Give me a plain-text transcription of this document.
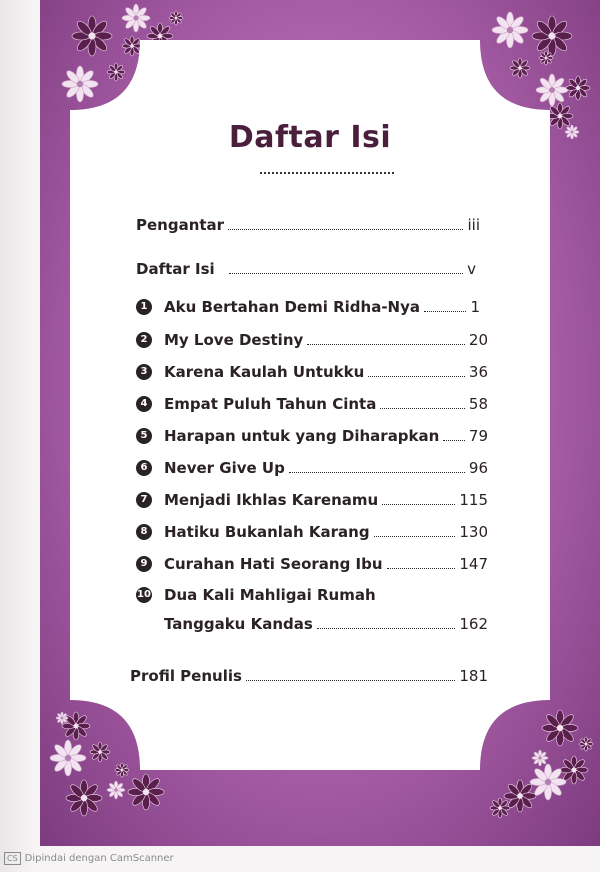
Daftar Isi
Pengantar	iii
Daftar Isi	v
1	Aku Bertahan Demi Ridha-Nya	1
2	My Love Destiny	20
3	Karena Kaulah Untukku	36
4	Empat Puluh Tahun Cinta	58
5	Harapan untuk yang Diharapkan 79
6	Never Give Up	96
7	Menjadi Ikhlas Karenamu	115
8	Hatiku Bukanlah Karang	130
9	Curahan Hati Seorang Ibu	147
10 Dua Kali Mahligai Rumah
Tanggaku Kandas	162
Profil Penulis	181
CS Dipindai dengan CamScanner
